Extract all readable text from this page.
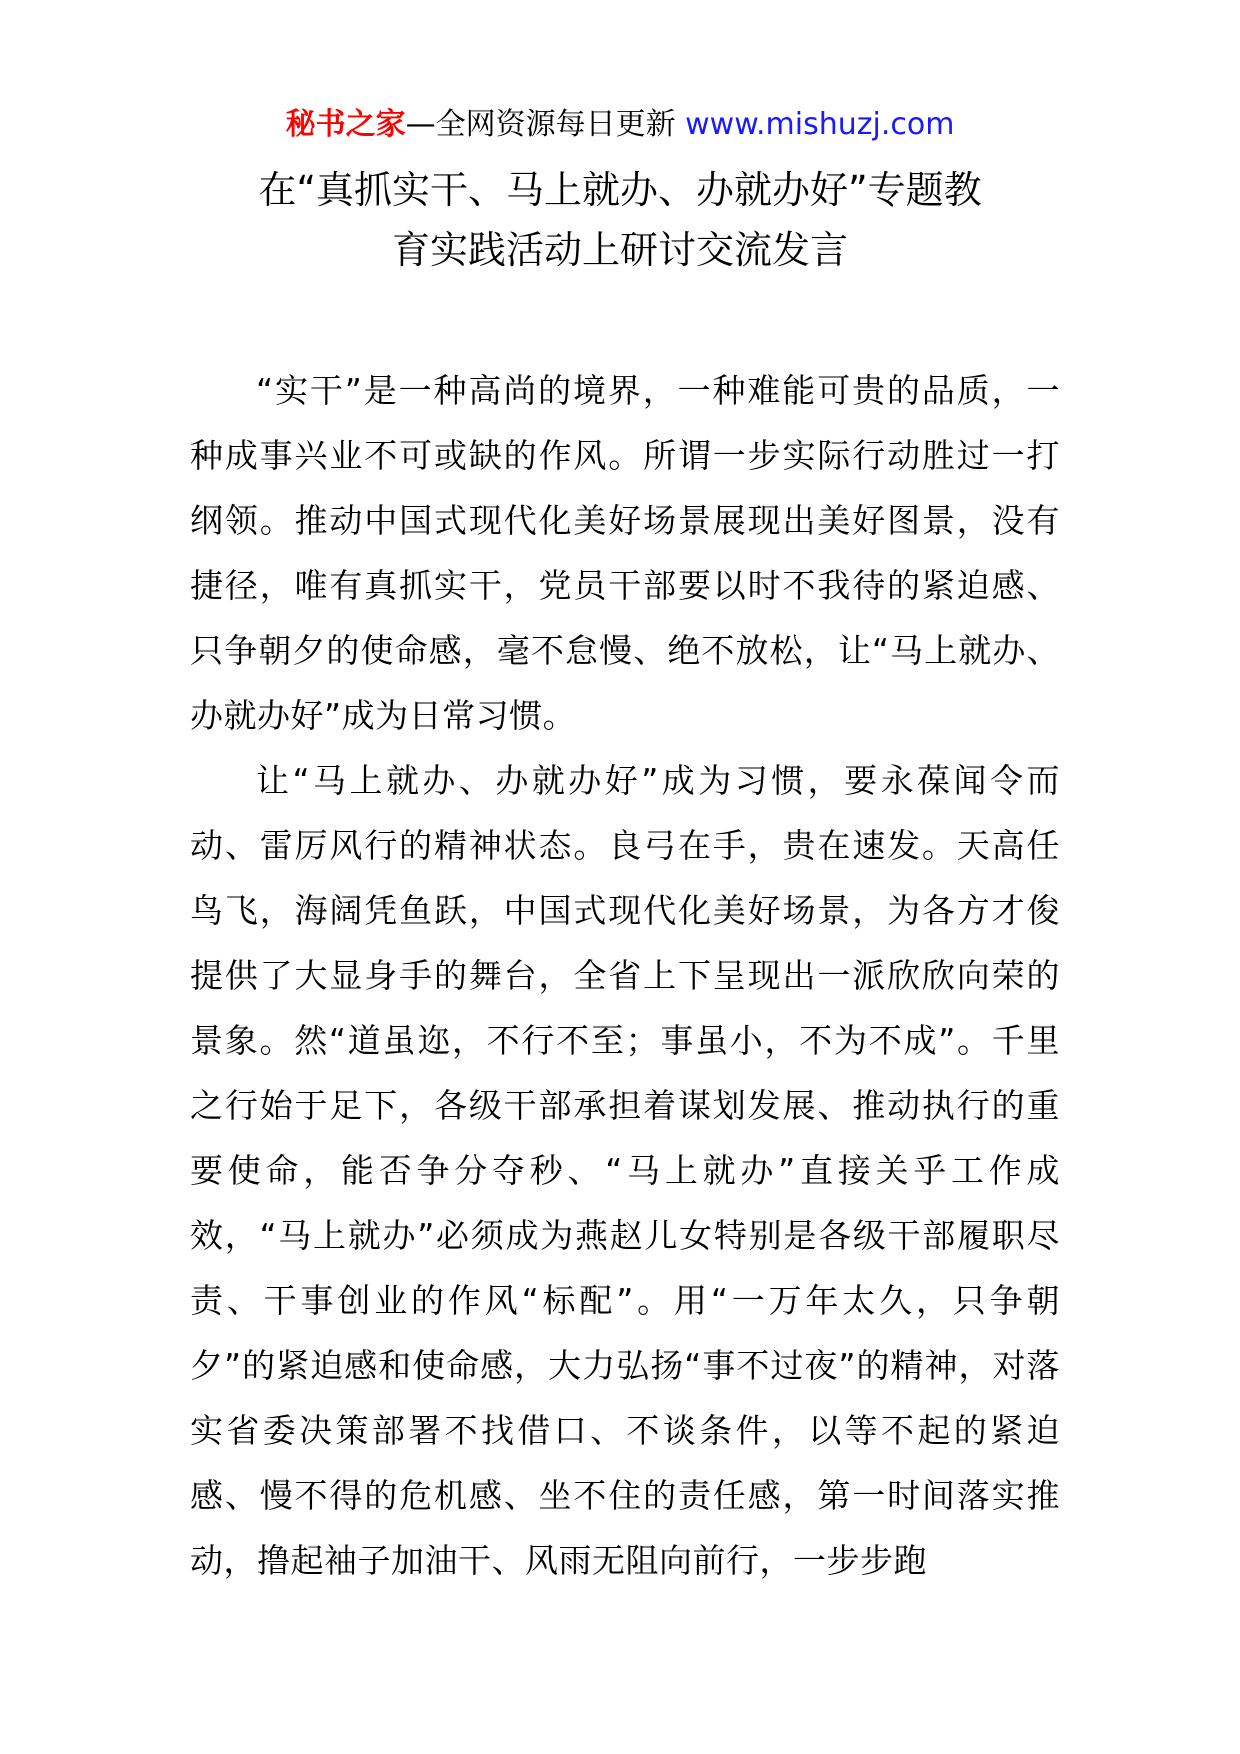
秘书之家—全网资源每日更新 www.mishuzj.com
在“真抓实干、马上就办、办就办好”专题教
育实践活动上研讨交流发言

“实干”是一种高尚的境界，一种难能可贵的品质，一种成事兴业不可或缺的作风。所谓一步实际行动胜过一打纲领。推动中国式现代化美好场景展现出美好图景，没有捷径，唯有真抓实干，党员干部要以时不我待的紧迫感、只争朝夕的使命感，毫不怠慢、绝不放松，让“马上就办、办就办好”成为日常习惯。

让“马上就办、办就办好”成为习惯，要永葆闻令而动、雷厉风行的精神状态。良弓在手，贵在速发。天高任鸟飞，海阔凭鱼跃，中国式现代化美好场景，为各方才俊提供了大显身手的舞台，全省上下呈现出一派欣欣向荣的景象。然“道虽迩，不行不至；事虽小，不为不成”。千里之行始于足下，各级干部承担着谋划发展、推动执行的重要使命，能否争分夺秒、“马上就办”直接关乎工作成效，“马上就办”必须成为燕赵儿女特别是各级干部履职尽责、干事创业的作风“标配”。用“一万年太久，只争朝夕”的紧迫感和使命感，大力弘扬“事不过夜”的精神，对落实省委决策部署不找借口、不谈条件，以等不起的紧迫感、慢不得的危机感、坐不住的责任感，第一时间落实推动，撸起袖子加油干、风雨无阻向前行，一步步跑
